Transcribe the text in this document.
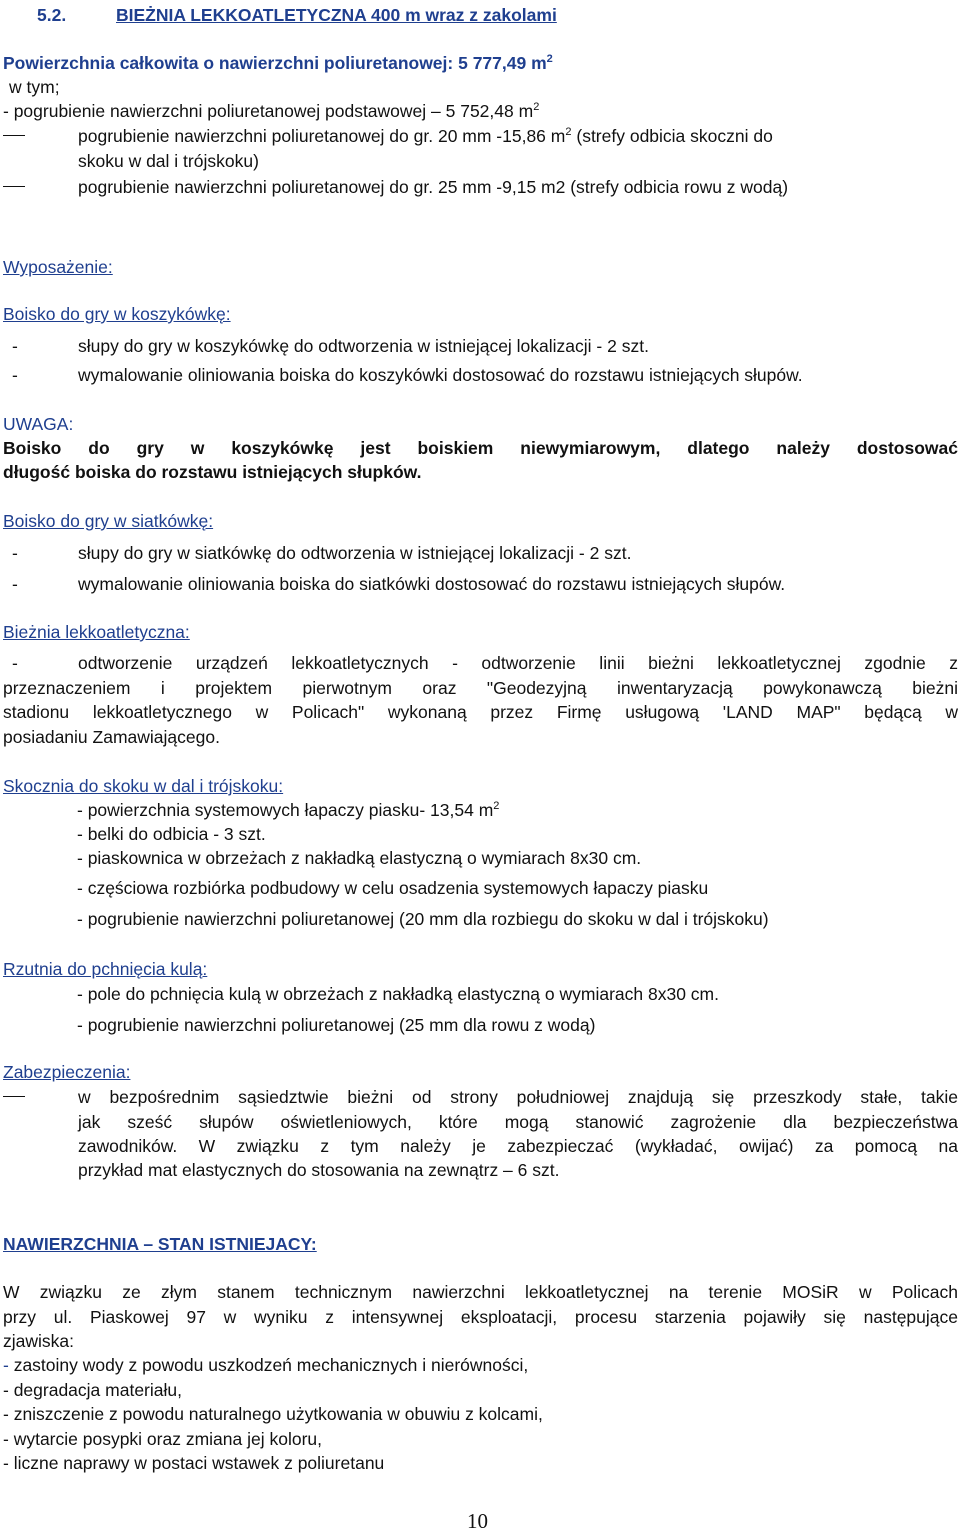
5.2.	BIEŻNIA LEKKOATLETYCZNA 400 m wraz z zakolami
Powierzchnia całkowita o nawierzchni poliuretanowej: 5 777,49 $m^2$
w tym;
- pogrubienie nawierzchni poliuretanowej podstawowej – 5 752,48 $m^2$
pogrubienie nawierzchni poliuretanowej do gr. 20 mm -15,86 $m^2$ (strefy odbicia skoczni do
skoku w dal i trójskoku)
pogrubienie nawierzchni poliuretanowej do gr. 25 mm -9,15 m2 (strefy odbicia rowu z wodą)
Wyposażenie:
Boisko do gry w koszykówkę:
-	słupy do gry w koszykówkę do odtworzenia w istniejącej lokalizacji - 2 szt.
-	wymalowanie oliniowania boiska do koszykówki dostosować do rozstawu istniejących słupów.
UWAGA:
Boisko do gry w koszykówkę jest boiskiem niewymiarowym, dlatego należy dostosować
długość boiska do rozstawu istniejących słupków.
Boisko do gry w siatkówkę:
-	słupy do gry w siatkówkę do odtworzenia w istniejącej lokalizacji - 2 szt.
-	wymalowanie oliniowania boiska do siatkówki dostosować do rozstawu istniejących słupów.
Bieżnia lekkoatletyczna:
-	odtworzenie urządzeń lekkoatletycznych - odtworzenie linii bieżni lekkoatletycznej zgodnie z
przeznaczeniem i projektem pierwotnym oraz "Geodezyjną inwentaryzacją powykonawczą bieżni
stadionu lekkoatletycznego w Policach" wykonaną przez Firmę usługową 'LAND MAP" będącą w
posiadaniu Zamawiającego.
Skocznia do skoku w dal i trójskoku:
- powierzchnia systemowych łapaczy piasku- 13,54 $m^2$
- belki do odbicia - 3 szt.
- piaskownica w obrzeżach z nakładką elastyczną o wymiarach 8x30 cm.
- częściowa rozbiórka podbudowy w celu osadzenia systemowych łapaczy piasku
- pogrubienie nawierzchni poliuretanowej (20 mm dla rozbiegu do skoku w dal i trójskoku)
Rzutnia do pchnięcia kulą:
- pole do pchnięcia kulą w obrzeżach z nakładką elastyczną o wymiarach 8x30 cm.
- pogrubienie nawierzchni poliuretanowej (25 mm dla rowu z wodą)
Zabezpieczenia:
w bezpośrednim sąsiedztwie bieżni od strony południowej znajdują się przeszkody stałe, takie
jak sześć słupów oświetleniowych, które mogą stanowić zagrożenie dla bezpieczeństwa
zawodników. W związku z tym należy je zabezpieczać (wykładać, owijać) za pomocą na
przykład mat elastycznych do stosowania na zewnątrz – 6 szt.
NAWIERZCHNIA – STAN ISTNIEJACY:
W związku ze złym stanem technicznym nawierzchni lekkoatletycznej na terenie MOSiR w Policach
przy ul. Piaskowej 97 w wyniku z intensywnej eksploatacji, procesu starzenia pojawiły się następujące
zjawiska:
- zastoiny wody z powodu uszkodzeń mechanicznych i nierówności,
- degradacja materiału,
- zniszczenie z powodu naturalnego użytkowania w obuwiu z kolcami,
- wytarcie posypki oraz zmiana jej koloru,
- liczne naprawy w postaci wstawek z poliuretanu
10
